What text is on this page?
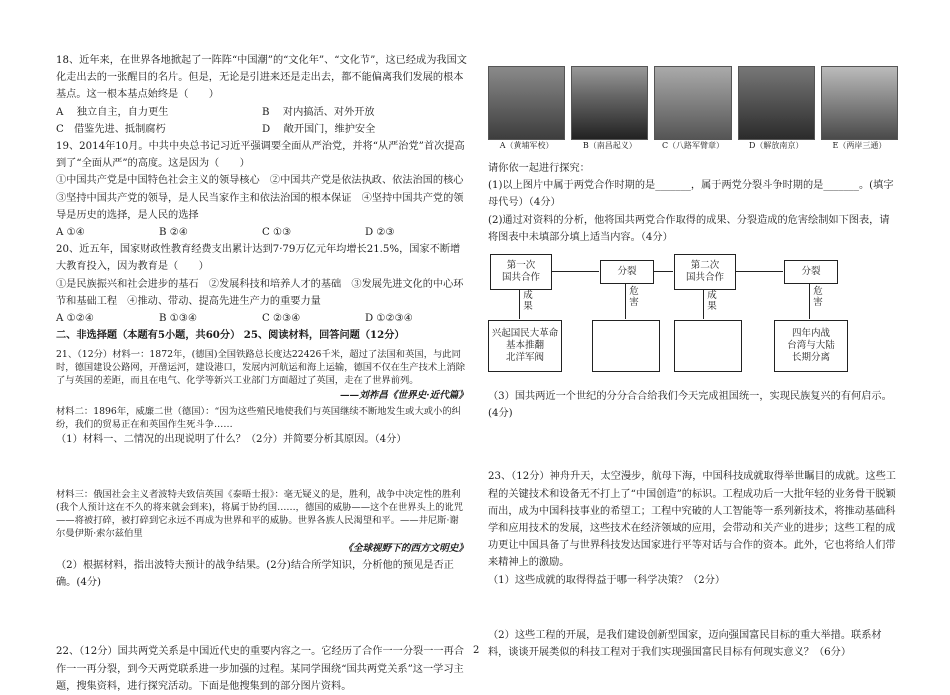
18、近年来，在世界各地掀起了一阵阵“中国潮”的“文化年”、“文化节”，这已经成为我国文化走出去的一张醒目的名片。但是，无论是引进来还是走出去，都不能偏离我们发展的根本基点。这一根本基点始终是（　　）

A　 独立自主，自力更生	B　 对内搞活、对外开放
C　借鉴先进、抵制腐朽	D　 敞开国门，维护安全

19、2014年10月。中共中央总书记习近平强调要全面从严治党，并将“从严治党”首次提高到了“全面从严”的高度。这是因为（　　）

①中国共产党是中国特色社会主义的领导核心　②中国共产党是依法执政、依法治国的核心　③坚持中国共产党的领导，是人民当家作主和依法治国的根本保证　④坚持中国共产党的领导是历史的选择，是人民的选择

A ①④	B ②④	C ①③	D ②③

20、近五年，国家财政性教育经费支出累计达到7·79万亿元年均增长21.5%，国家不断增大教育投入，因为教育是（　　）

①是民族振兴和社会进步的基石　②发展科技和培养人才的基础　③发展先进文化的中心环节和基础工程　④推动、带动、提高先进生产力的重要力量

A ①②④	B ①③④	C ②③④	D ①②③④

二、非选择题（本题有5小题，共60分） 25、阅读材料，回答问题（12分）

21、（12分）材料一：1872年，(德国)全国铁路总长度达22426千米，超过了法国和英国，与此同时，德国建设公路网，开凿运河，建设港口，发展内河航运和海上运输，德国不仅在生产技术上消除了与英国的差距，而且在电气、化学等新兴工业部门方面超过了英国，走在了世界前列。

——刘祚昌《世界史·近代篇》

材料二：1896年，威廉二世（德国）：“因为这些殖民地使我们与英国继续不断地发生或大或小的纠纷，我们的贸易正在和英国作生死斗争……

（1）材料一、二情况的出现说明了什么？（2分）并简要分析其原因。（4分）

材料三：俄国社会主义者波特夫致信英国《泰晤士报》：毫无疑义的是，胜利，战争中决定性的胜利(我个人预计这在不久的将来就会到来)，将属于协约国……，德国的威胁——这个在世界头上的讹咒——将被打碎，被打碎到它永远不再成为世界和平的威胁。世界各族人民渴望和平。——井尼斯·谢尔曼伊斯·索尔兹伯里

《全球视野下的西方文明史》

（2）根据材料，指出波特夫预计的战争结果。(2分)结合所学知识，分析他的预见是否正确。(4分)

22、（12分）国共两党关系是中国近代史的重要内容之一。它经历了合作一一分裂一一再合作一一再分裂，到今天两党联系进一步加强的过程。某同学围绕“国共两党关系”这一学习主题，搜集资料，进行探究活动。下面是他搜集到的部分图片资料。

A（黄埔军校）	B（南昌起义）	C（八路军臂章）	D（解放南京）	E（两岸三通）

请你依一起进行探究：

(1)以上图片中属于两党合作时期的是_______，属于两党分裂斗争时期的是_______。(填字母代号）（4分）

(2)通过对资料的分析，他将国共两党合作取得的成果、分裂造成的危害绘制如下图表，请将图表中未填部分填上适当内容。（4分）

第一次
国共合作
分裂
第二次
国共合作
分裂
成果
危害
成果
危害
兴起国民大革命
基本推翻
北洋军阀
四年内战
台湾与大陆
长期分离

（3）国共两近一个世纪的分分合合给我们今天完成祖国统一，实现民族复兴的有何启示。(4分)

23、（12分）神舟升天，太空漫步，航母下海，中国科技成就取得举世瞩目的成就。这些工程的关键技术和设备无不打上了“中国创造”的标识。工程成功后一大批年轻的业务骨干脱颖而出，成为中国科技事业的希望工；工程中究破的人工智能等一系列新技术，将推动基础科学和应用技术的发展，这些技术在经济领域的应用，会带动和关产业的进步；这些工程的成功更让中国具备了与世界科技发达国家进行平等对话与合作的资本。此外，它也将给人们带来精神上的激励。

（1）这些成就的取得得益于哪一科学决策？（2分）

（2）这些工程的开展，是我们建设创新型国家，迈向强国富民目标的重大举措。联系材料，谈谈开展类似的科技工程对于我们实现强国富民目标有何现实意义？（6分）

2
